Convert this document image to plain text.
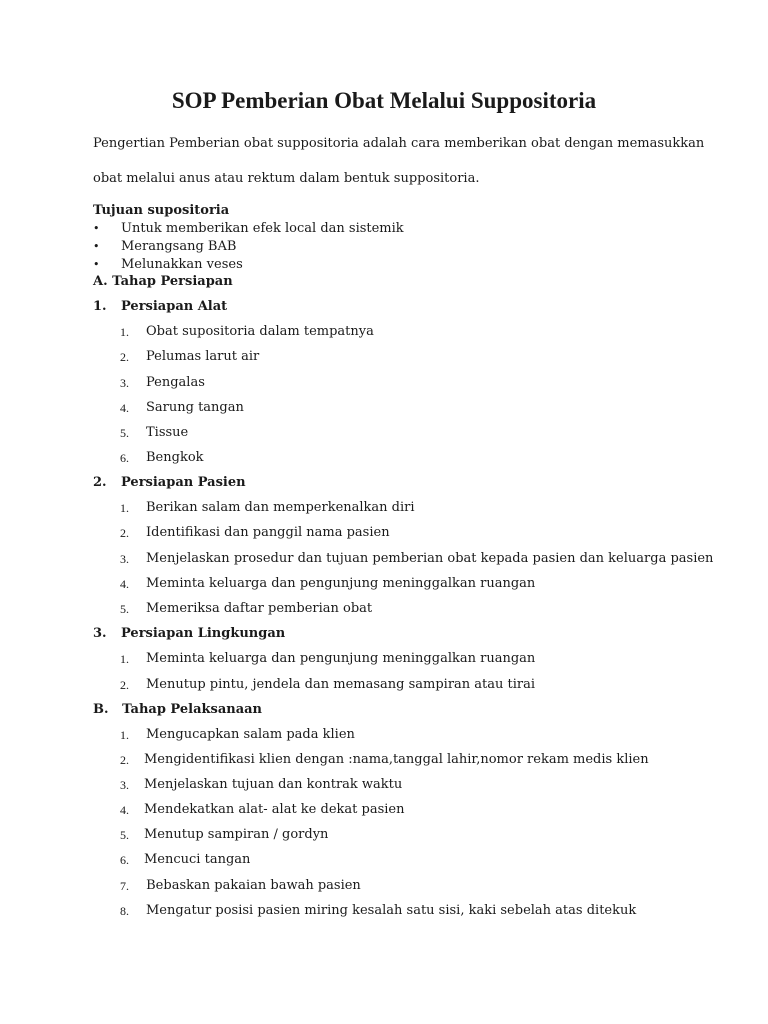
SOP Pemberian Obat Melalui Suppositoria
Pengertian Pemberian obat suppositoria adalah cara memberikan obat dengan memasukkan
obat melalui anus atau rektum dalam bentuk suppositoria.
Tujuan supositoria
• Untuk memberikan efek local dan sistemik
• Merangsang BAB
• Melunakkan veses
A. Tahap Persiapan
1. Persiapan Alat
1. Obat supositoria dalam tempatnya
2. Pelumas larut air
3. Pengalas
4. Sarung tangan
5. Tissue
6. Bengkok
2. Persiapan Pasien
1. Berikan salam dan memperkenalkan diri
2. Identifikasi dan panggil nama pasien
3. Menjelaskan prosedur dan tujuan pemberian obat kepada pasien dan keluarga pasien
4. Meminta keluarga dan pengunjung meninggalkan ruangan
5. Memeriksa daftar pemberian obat
3. Persiapan Lingkungan
1. Meminta keluarga dan pengunjung meninggalkan ruangan
2. Menutup pintu, jendela dan memasang sampiran atau tirai
B.   Tahap Pelaksanaan
1. Mengucapkan salam pada klien
2. Mengidentifikasi klien dengan :nama,tanggal lahir,nomor rekam medis klien
3. Menjelaskan tujuan dan kontrak waktu
4. Mendekatkan alat- alat ke dekat pasien
5. Menutup sampiran / gordyn
6. Mencuci tangan
7. Bebaskan pakaian bawah pasien
8. Mengatur posisi pasien miring kesalah satu sisi, kaki sebelah atas ditekuk
